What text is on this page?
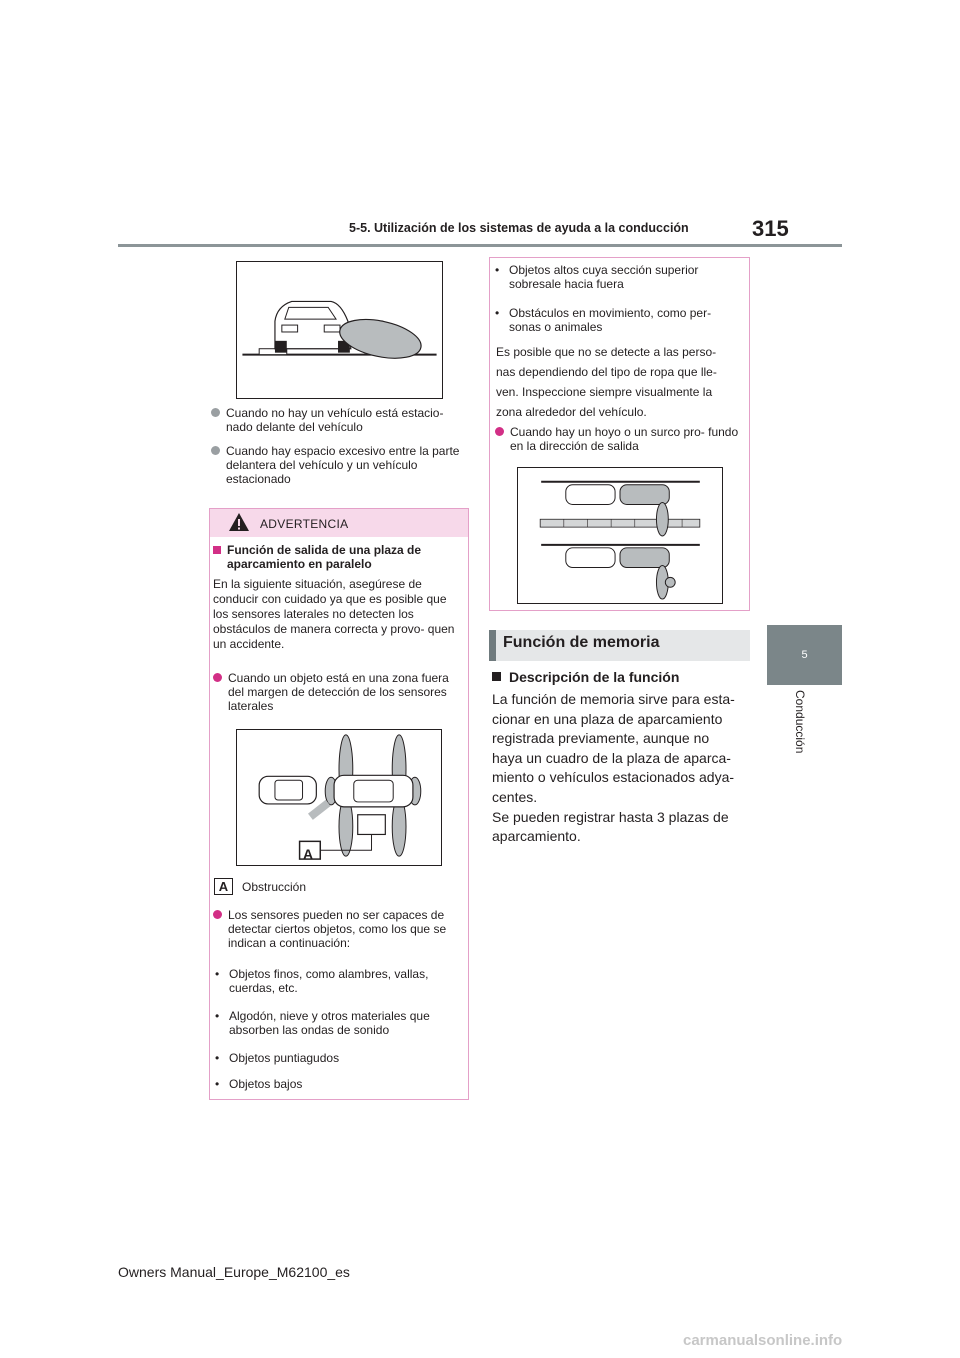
5-5. Utilización de los sistemas de ayuda a la conducción	315
5
Conducción
Cuando no hay un vehículo está estacio- nado delante del vehículo
Cuando hay espacio excesivo entre la parte delantera del vehículo y un vehículo estacionado
ADVERTENCIA
Función de salida de una plaza de aparcamiento en paralelo
En la siguiente situación, asegúrese de conducir con cuidado ya que es posible que los sensores laterales no detecten los obstáculos de manera correcta y provo- quen un accidente.
Cuando un objeto está en una zona fuera del margen de detección de los sensores laterales
A
A	Obstrucción
Los sensores pueden no ser capaces de detectar ciertos objetos, como los que se indican a continuación:
• Objetos finos, como alambres, vallas, cuerdas, etc.
• Algodón, nieve y otros materiales que absorben las ondas de sonido
• Objetos puntiagudos
• Objetos bajos
• Objetos altos cuya sección superior sobresale hacia fuera
• Obstáculos en movimiento, como per- sonas o animales
Es posible que no se detecte a las perso-
nas dependiendo del tipo de ropa que lle-
ven. Inspeccione siempre visualmente la
zona alrededor del vehículo.
Cuando hay un hoyo o un surco pro- fundo en la dirección de salida
Función de memoria
Descripción de la función
La función de memoria sirve para esta-
cionar en una plaza de aparcamiento
registrada previamente, aunque no
haya un cuadro de la plaza de aparca-
miento o vehículos estacionados adya-
centes.
Se pueden registrar hasta 3 plazas de
aparcamiento.
Owners Manual_Europe_M62100_es
carmanualsonline.info
